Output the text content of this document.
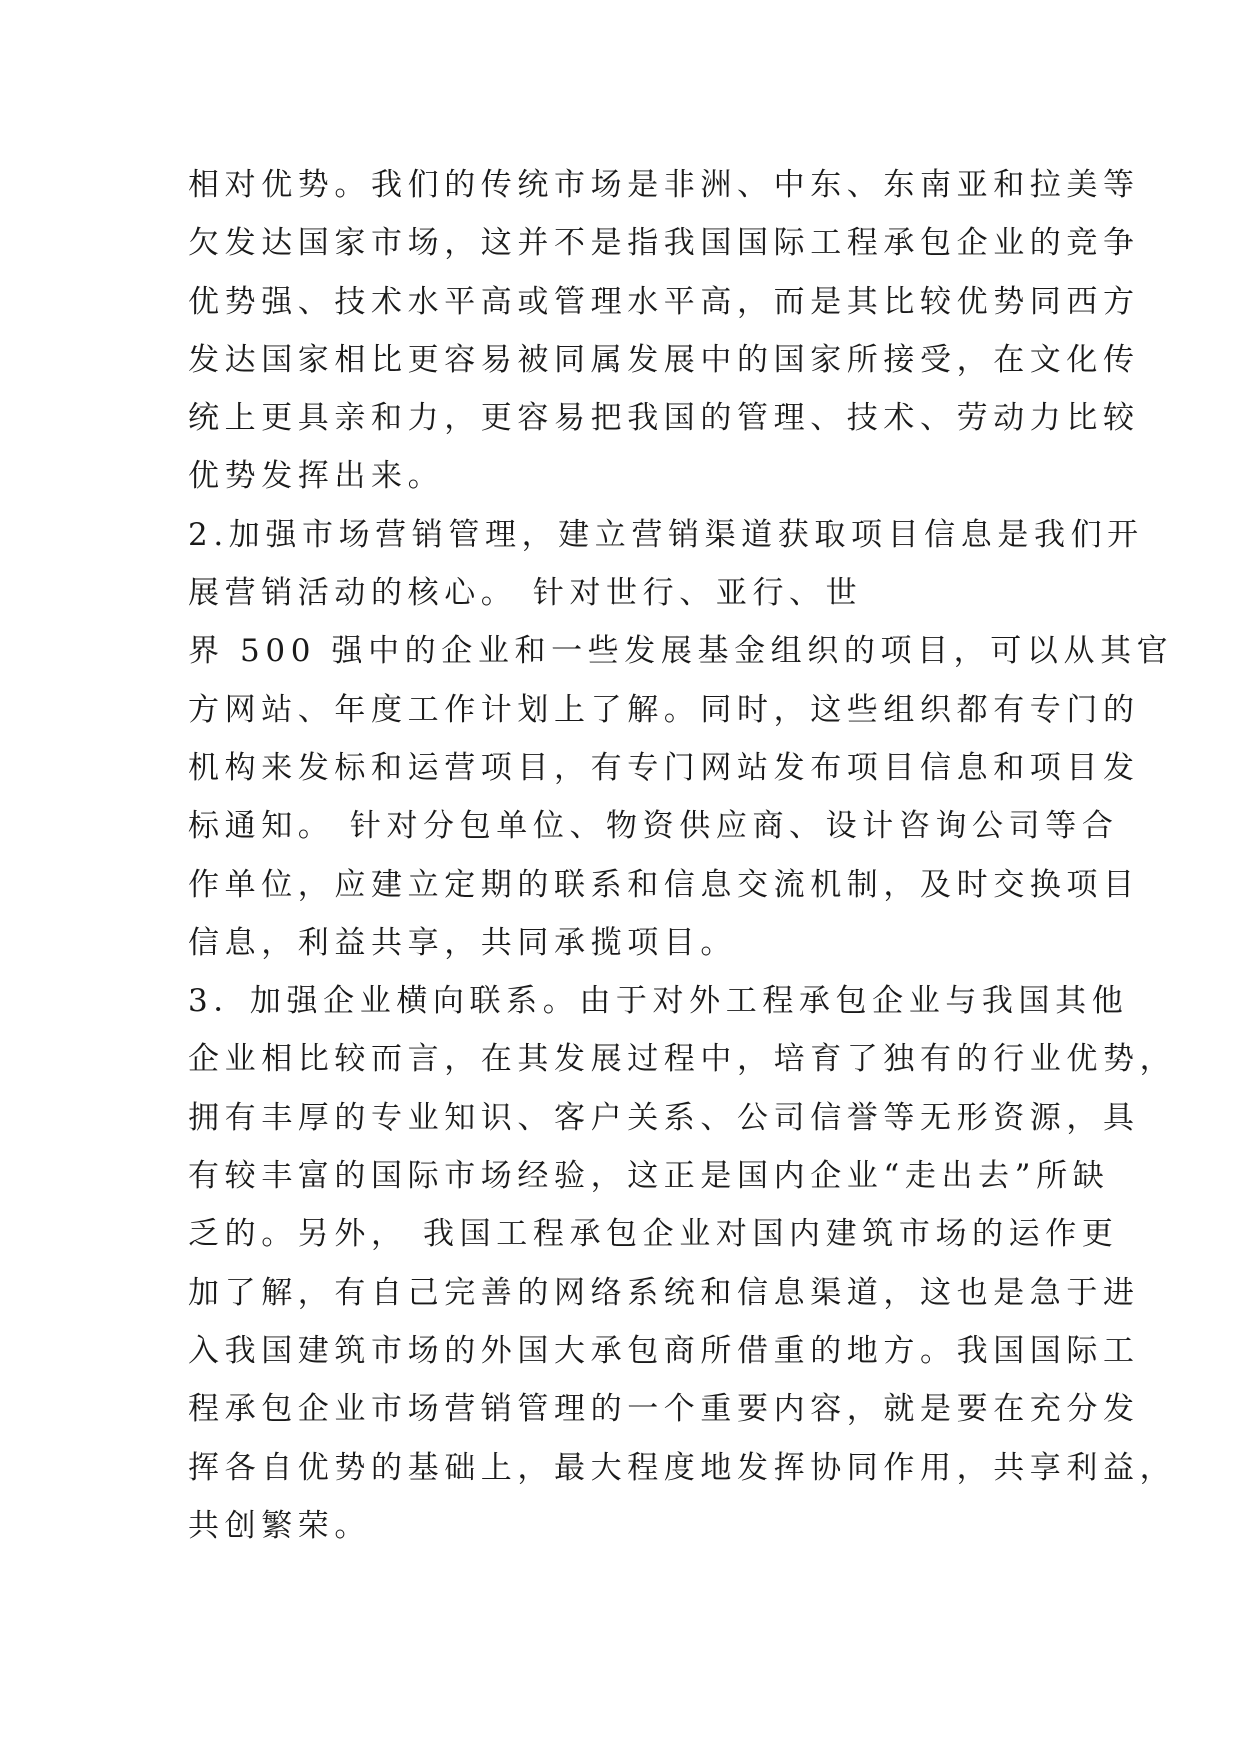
相对优势。我们的传统市场是非洲、中东、东南亚和拉美等
欠发达国家市场，这并不是指我国国际工程承包企业的竞争
优势强、技术水平高或管理水平高，而是其比较优势同西方
发达国家相比更容易被同属发展中的国家所接受，在文化传
统上更具亲和力，更容易把我国的管理、技术、劳动力比较
优势发挥出来。
2.加强市场营销管理，建立营销渠道获取项目信息是我们开
展营销活动的核心。 针对世行、亚行、世
界 500 强中的企业和一些发展基金组织的项目，可以从其官
方网站、年度工作计划上了解。同时，这些组织都有专门的
机构来发标和运营项目，有专门网站发布项目信息和项目发
标通知。 针对分包单位、物资供应商、设计咨询公司等合
作单位，应建立定期的联系和信息交流机制，及时交换项目
信息，利益共享，共同承揽项目。
3．加强企业横向联系。由于对外工程承包企业与我国其他
企业相比较而言，在其发展过程中，培育了独有的行业优势，
拥有丰厚的专业知识、客户关系、公司信誉等无形资源，具
有较丰富的国际市场经验，这正是国内企业“走出去”所缺
乏的。另外， 我国工程承包企业对国内建筑市场的运作更
加了解，有自己完善的网络系统和信息渠道，这也是急于进
入我国建筑市场的外国大承包商所借重的地方。我国国际工
程承包企业市场营销管理的一个重要内容，就是要在充分发
挥各自优势的基础上，最大程度地发挥协同作用，共享利益，
共创繁荣。
